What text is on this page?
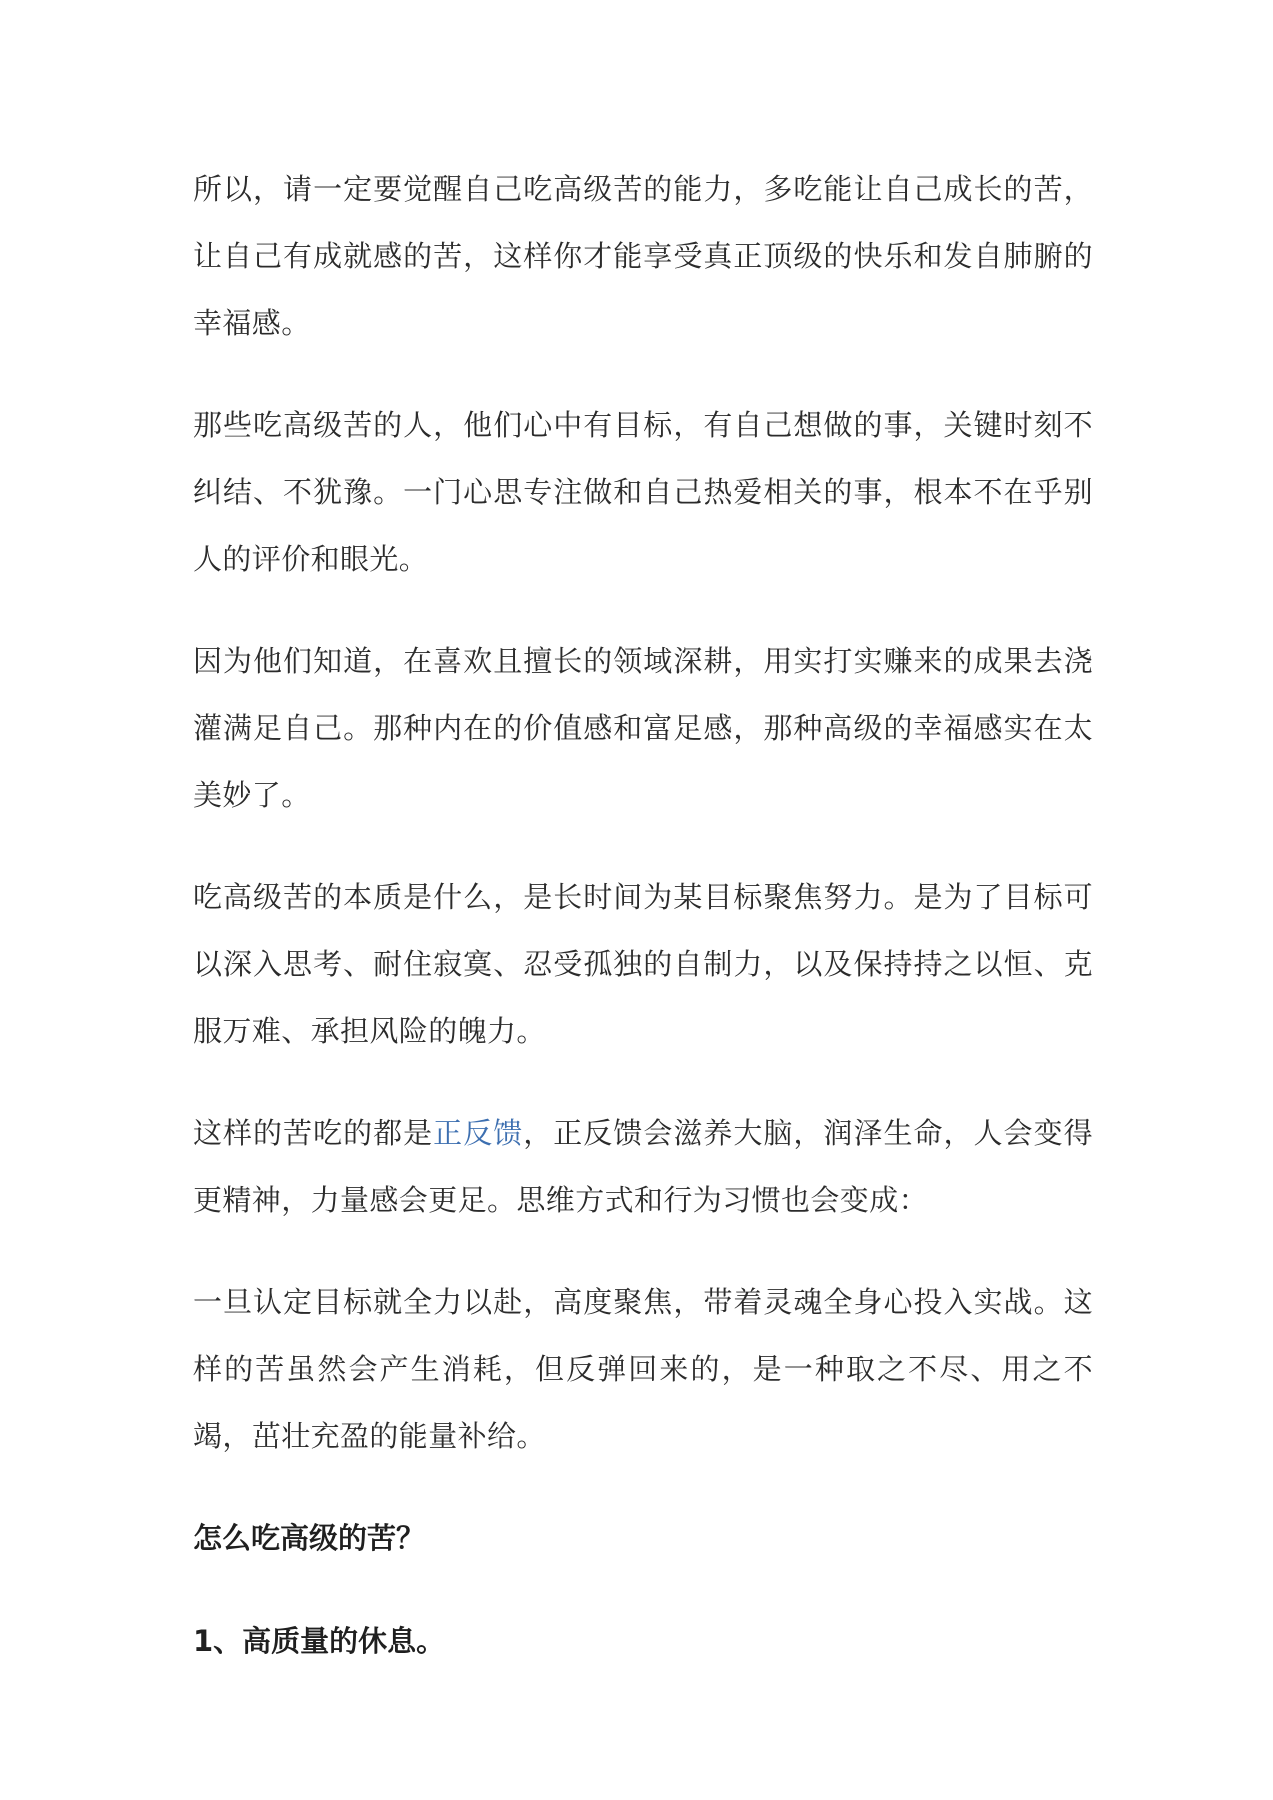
所以，请一定要觉醒自己吃高级苦的能力，多吃能让自己成长的苦，让自己有成就感的苦，这样你才能享受真正顶级的快乐和发自肺腑的幸福感。

那些吃高级苦的人，他们心中有目标，有自己想做的事，关键时刻不纠结、不犹豫。一门心思专注做和自己热爱相关的事，根本不在乎别人的评价和眼光。

因为他们知道，在喜欢且擅长的领域深耕，用实打实赚来的成果去浇灌满足自己。那种内在的价值感和富足感，那种高级的幸福感实在太美妙了。

吃高级苦的本质是什么，是长时间为某目标聚焦努力。是为了目标可以深入思考、耐住寂寞、忍受孤独的自制力，以及保持持之以恒、克服万难、承担风险的魄力。

这样的苦吃的都是正反馈，正反馈会滋养大脑，润泽生命，人会变得更精神，力量感会更足。思维方式和行为习惯也会变成：

一旦认定目标就全力以赴，高度聚焦，带着灵魂全身心投入实战。这样的苦虽然会产生消耗，但反弹回来的，是一种取之不尽、用之不竭，茁壮充盈的能量补给。

怎么吃高级的苦？

1、高质量的休息。
